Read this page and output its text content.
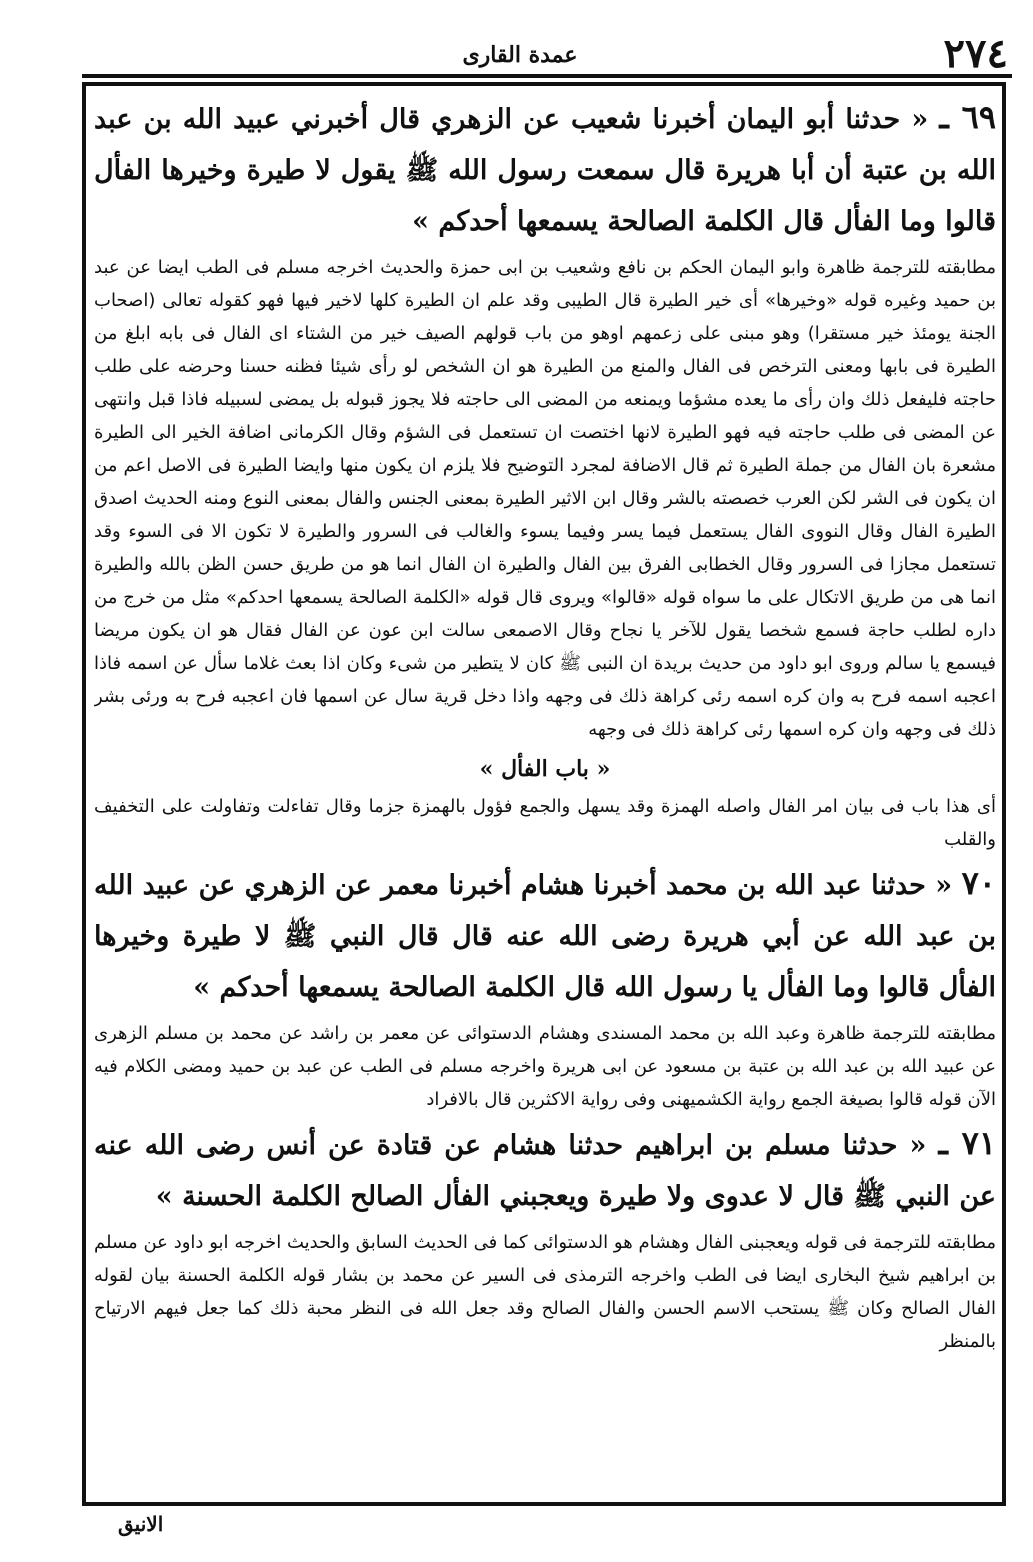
٢٧٤
عمدة القارى

٦٩ ـ « حدثنا أبو اليمان أخبرنا شعيب عن الزهري قال أخبرني عبيد الله بن عبد الله بن عتبة أن أبا هريرة قال سمعت رسول الله ﷺ يقول لا طيرة وخيرها الفأل قالوا وما الفأل قال الكلمة الصالحة يسمعها أحدكم »

مطابقته للترجمة ظاهرة وابو اليمان الحكم بن نافع وشعيب بن ابى حمزة والحديث اخرجه مسلم فى الطب ايضا عن عبد بن حميد وغيره قوله «وخيرها» أى خير الطيرة قال الطيبى وقد علم ان الطيرة كلها لاخير فيها فهو كقوله تعالى (اصحاب الجنة يومئذ خير مستقرا) وهو مبنى على زعمهم اوهو من باب قولهم الصيف خير من الشتاء اى الفال فى بابه ابلغ من الطيرة فى بابها ومعنى الترخص فى الفال والمنع من الطيرة هو ان الشخص لو رأى شيئا فظنه حسنا وحرضه على طلب حاجته فليفعل ذلك وان رأى ما يعده مشؤما ويمنعه من المضى الى حاجته فلا يجوز قبوله بل يمضى لسبيله فاذا قبل وانتهى عن المضى فى طلب حاجته فيه فهو الطيرة لانها اختصت ان تستعمل فى الشؤم وقال الكرمانى اضافة الخير الى الطيرة مشعرة بان الفال من جملة الطيرة ثم قال الاضافة لمجرد التوضيح فلا يلزم ان يكون منها وايضا الطيرة فى الاصل اعم من ان يكون فى الشر لكن العرب خصصته بالشر وقال ابن الاثير الطيرة بمعنى الجنس والفال بمعنى النوع ومنه الحديث اصدق الطيرة الفال وقال النووى الفال يستعمل فيما يسر وفيما يسوء والغالب فى السرور والطيرة لا تكون الا فى السوء وقد تستعمل مجازا فى السرور وقال الخطابى الفرق بين الفال والطيرة ان الفال انما هو من طريق حسن الظن بالله والطيرة انما هى من طريق الاتكال على ما سواه قوله «قالوا» ويروى قال قوله «الكلمة الصالحة يسمعها احدكم» مثل من خرج من داره لطلب حاجة فسمع شخصا يقول للآخر يا نجاح وقال الاصمعى سالت ابن عون عن الفال فقال هو ان يكون مريضا فيسمع يا سالم وروى ابو داود من حديث بريدة ان النبى ﷺ كان لا يتطير من شىء وكان اذا بعث غلاما سأل عن اسمه فاذا اعجبه اسمه فرح به وان كره اسمه رئى كراهة ذلك فى وجهه واذا دخل قرية سال عن اسمها فان اعجبه فرح به ورئى بشر ذلك فى وجهه وان كره اسمها رئى كراهة ذلك فى وجهه

« باب الفأل »

أى هذا باب فى بيان امر الفال واصله الهمزة وقد يسهل والجمع فؤول بالهمزة جزما وقال تفاءلت وتفاولت على التخفيف والقلب

٧٠ « حدثنا عبد الله بن محمد أخبرنا هشام أخبرنا معمر عن الزهري عن عبيد الله بن عبد الله عن أبي هريرة رضى الله عنه قال قال النبي ﷺ لا طيرة وخيرها الفأل قالوا وما الفأل يا رسول الله قال الكلمة الصالحة يسمعها أحدكم »

مطابقته للترجمة ظاهرة وعبد الله بن محمد المسندى وهشام الدستوائى عن معمر بن راشد عن محمد بن مسلم الزهرى عن عبيد الله بن عبد الله بن عتبة بن مسعود عن ابى هريرة واخرجه مسلم فى الطب عن عبد بن حميد ومضى الكلام فيه الآن قوله قالوا بصيغة الجمع رواية الكشميهنى وفى رواية الاكثرين قال بالافراد

٧١ ـ « حدثنا مسلم بن ابراهيم حدثنا هشام عن قتادة عن أنس رضى الله عنه عن النبي ﷺ قال لا عدوى ولا طيرة ويعجبني الفأل الصالح الكلمة الحسنة »

مطابقته للترجمة فى قوله ويعجبنى الفال وهشام هو الدستوائى كما فى الحديث السابق والحديث اخرجه ابو داود عن مسلم بن ابراهيم شيخ البخارى ايضا فى الطب واخرجه الترمذى فى السير عن محمد بن بشار قوله الكلمة الحسنة بيان لقوله الفال الصالح وكان ﷺ يستحب الاسم الحسن والفال الصالح وقد جعل الله فى النظر محبة ذلك كما جعل فيهم الارتياح بالمنظر

الانيق
